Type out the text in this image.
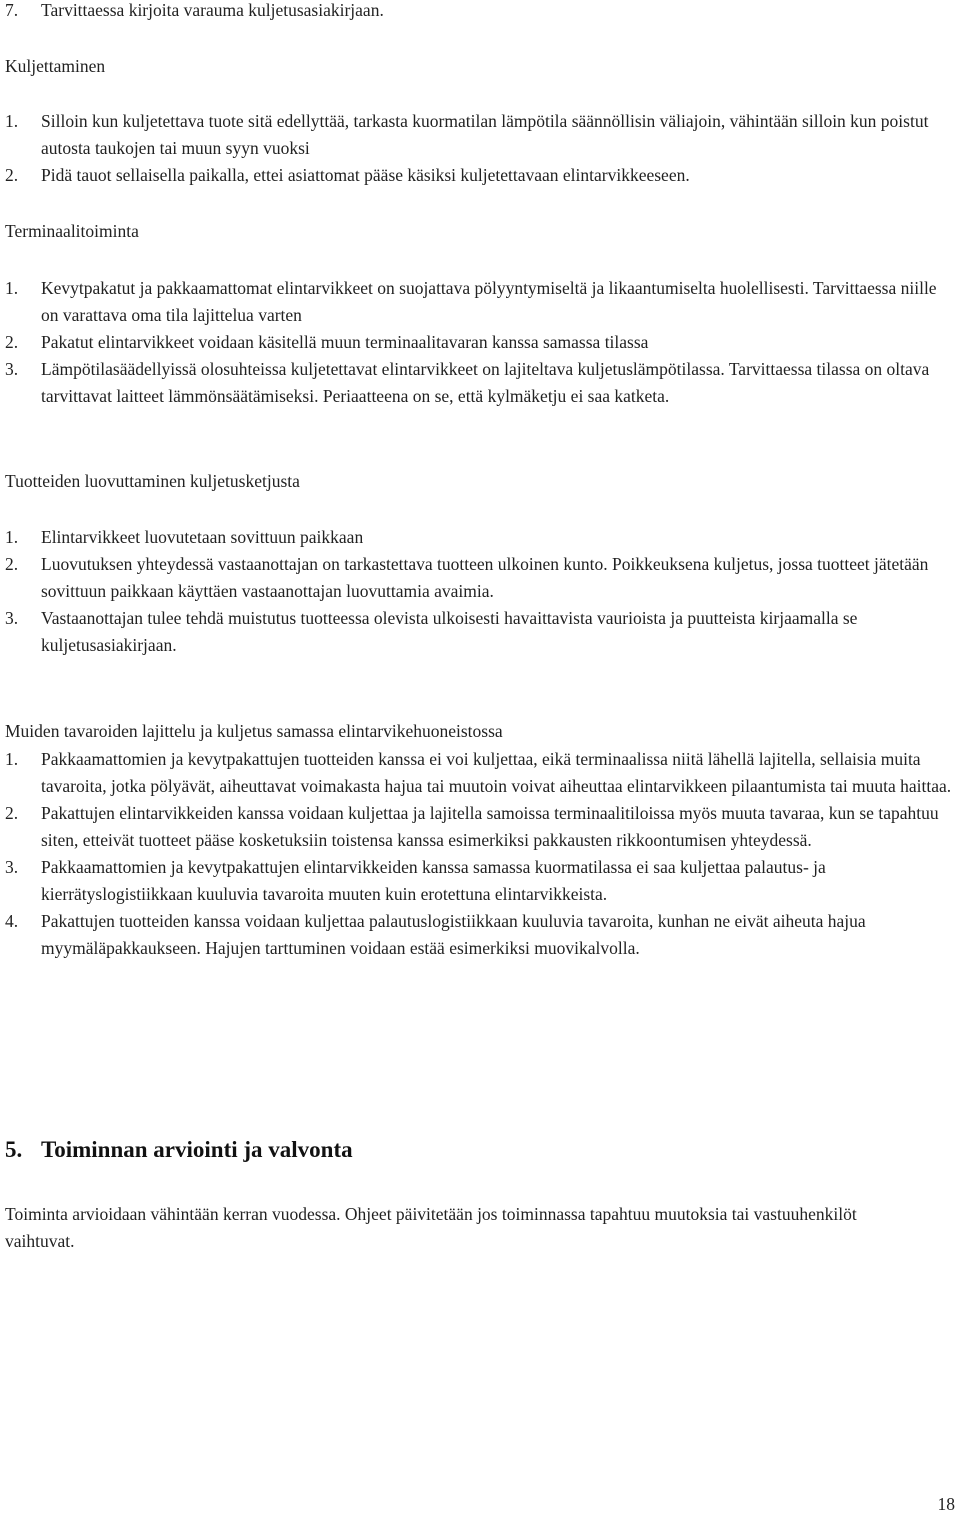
7.	Tarvittaessa kirjoita varauma kuljetusasiakirjaan.
Kuljettaminen
1.	Silloin kun kuljetettava tuote sitä edellyttää, tarkasta kuormatilan lämpötila säännöllisin väliajoin, vähintään silloin kun poistut autosta taukojen tai muun syyn vuoksi
2.	Pidä tauot sellaisella paikalla, ettei asiattomat pääse käsiksi kuljetettavaan elintarvikkeeseen.
Terminaalitoiminta
1.	Kevytpakatut ja pakkaamattomat elintarvikkeet on suojattava pölyyntymiseltä ja likaantumiselta huolellisesti. Tarvittaessa niille on varattava oma tila lajittelua varten
2.	Pakatut elintarvikkeet voidaan käsitellä muun terminaalitavaran kanssa samassa tilassa
3.	Lämpötilasäädellyissä olosuhteissa kuljetettavat elintarvikkeet on lajiteltava kuljetuslämpötilassa. Tarvittaessa tilassa on oltava tarvittavat laitteet lämmönsäätämiseksi. Periaatteena on se, että kylmäketju ei saa katketa.
Tuotteiden luovuttaminen kuljetusketjusta
1.	Elintarvikkeet luovutetaan sovittuun paikkaan
2.	Luovutuksen yhteydessä vastaanottajan on tarkastettava tuotteen ulkoinen kunto. Poikkeuksena kuljetus, jossa tuotteet jätetään sovittuun paikkaan käyttäen vastaanottajan luovuttamia avaimia.
3.	Vastaanottajan tulee tehdä muistutus tuotteessa olevista ulkoisesti havaittavista vaurioista ja puutteista kirjaamalla se kuljetusasiakirjaan.
Muiden tavaroiden lajittelu ja kuljetus samassa elintarvikehuoneistossa
1.	Pakkaamattomien ja kevytpakattujen tuotteiden kanssa ei voi kuljettaa, eikä terminaalissa niitä lähellä lajitella, sellaisia muita tavaroita, jotka pölyävät, aiheuttavat voimakasta hajua tai muutoin voivat aiheuttaa elintarvikkeen pilaantumista tai muuta haittaa.
2.	Pakattujen elintarvikkeiden kanssa voidaan kuljettaa ja lajitella samoissa terminaalitiloissa myös muuta tavaraa, kun se tapahtuu siten, etteivät tuotteet pääse kosketuksiin toistensa kanssa esimerkiksi pakkausten rikkoontumisen yhteydessä.
3.	Pakkaamattomien ja kevytpakattujen elintarvikkeiden kanssa samassa kuormatilassa ei saa kuljettaa palautus- ja kierrätyslogistiikkaan kuuluvia tavaroita muuten kuin erotettuna elintarvikkeista.
4.	Pakattujen tuotteiden kanssa voidaan kuljettaa palautuslogistiikkaan kuuluvia tavaroita, kunhan ne eivät aiheuta hajua myymäläpakkaukseen. Hajujen tarttuminen voidaan estää esimerkiksi muovikalvolla.
5. Toiminnan arviointi ja valvonta
Toiminta arvioidaan vähintään kerran vuodessa. Ohjeet päivitetään jos toiminnassa tapahtuu muutoksia tai vastuuhenkilöt vaihtuvat.
18
